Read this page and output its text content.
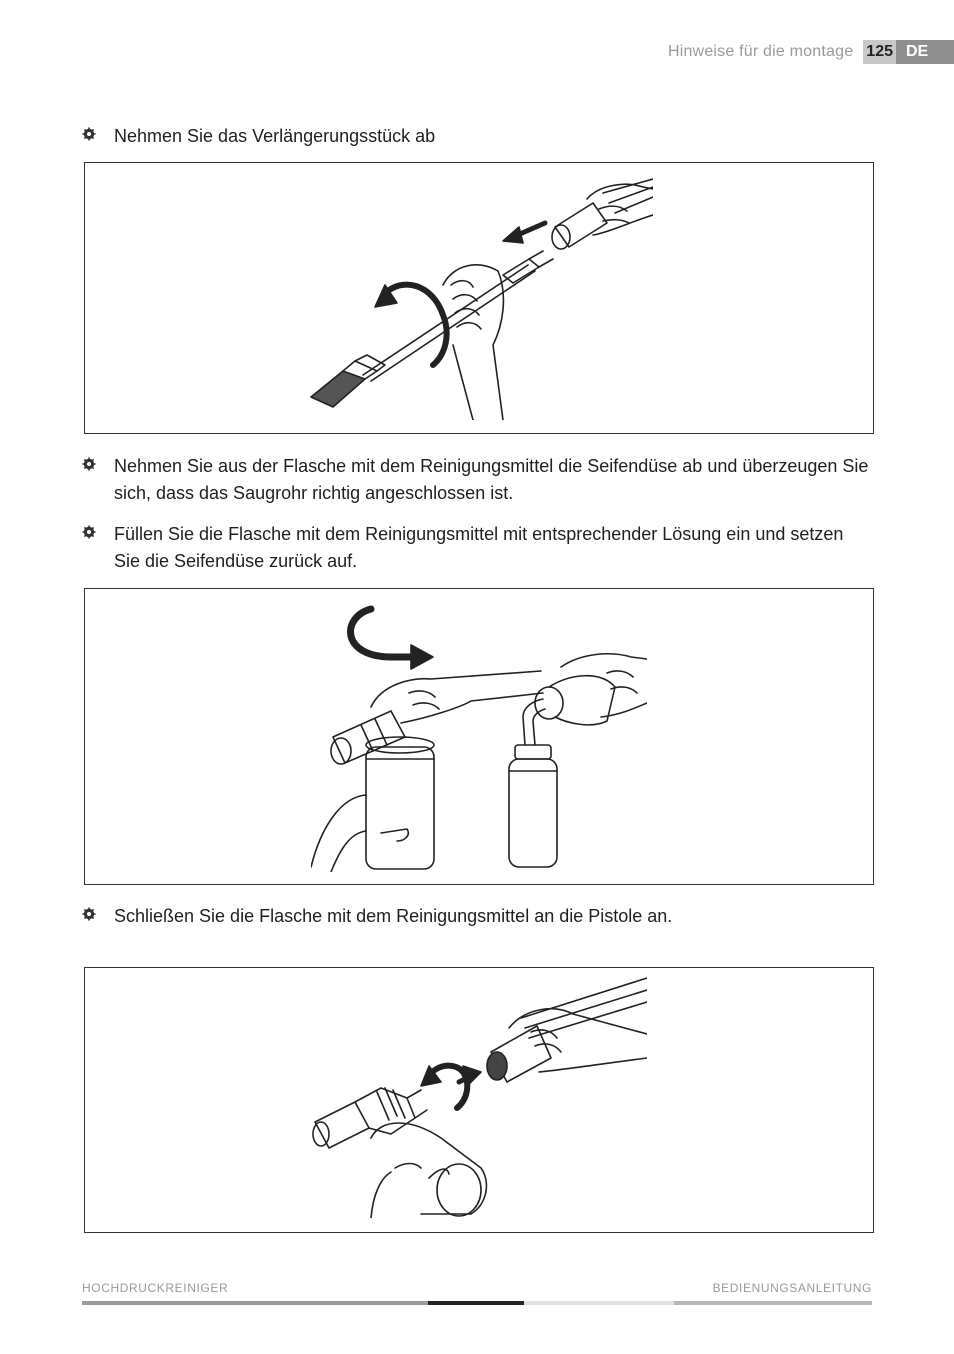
Hinweise für die montage 125 DE
Nehmen Sie das Verlängerungsstück ab
Nehmen Sie aus der Flasche mit dem Reinigungsmittel die Seifendüse ab und überzeugen Sie sich, dass das Saugrohr richtig angeschlossen ist.
Füllen Sie die Flasche mit dem Reinigungsmittel mit entsprechender Lösung ein und setzen Sie die Seifendüse zurück auf.
Schließen Sie die Flasche mit dem Reinigungsmittel an die Pistole an.
HOCHDRUCKREINIGER	BEDIENUNGSANLEITUNG
